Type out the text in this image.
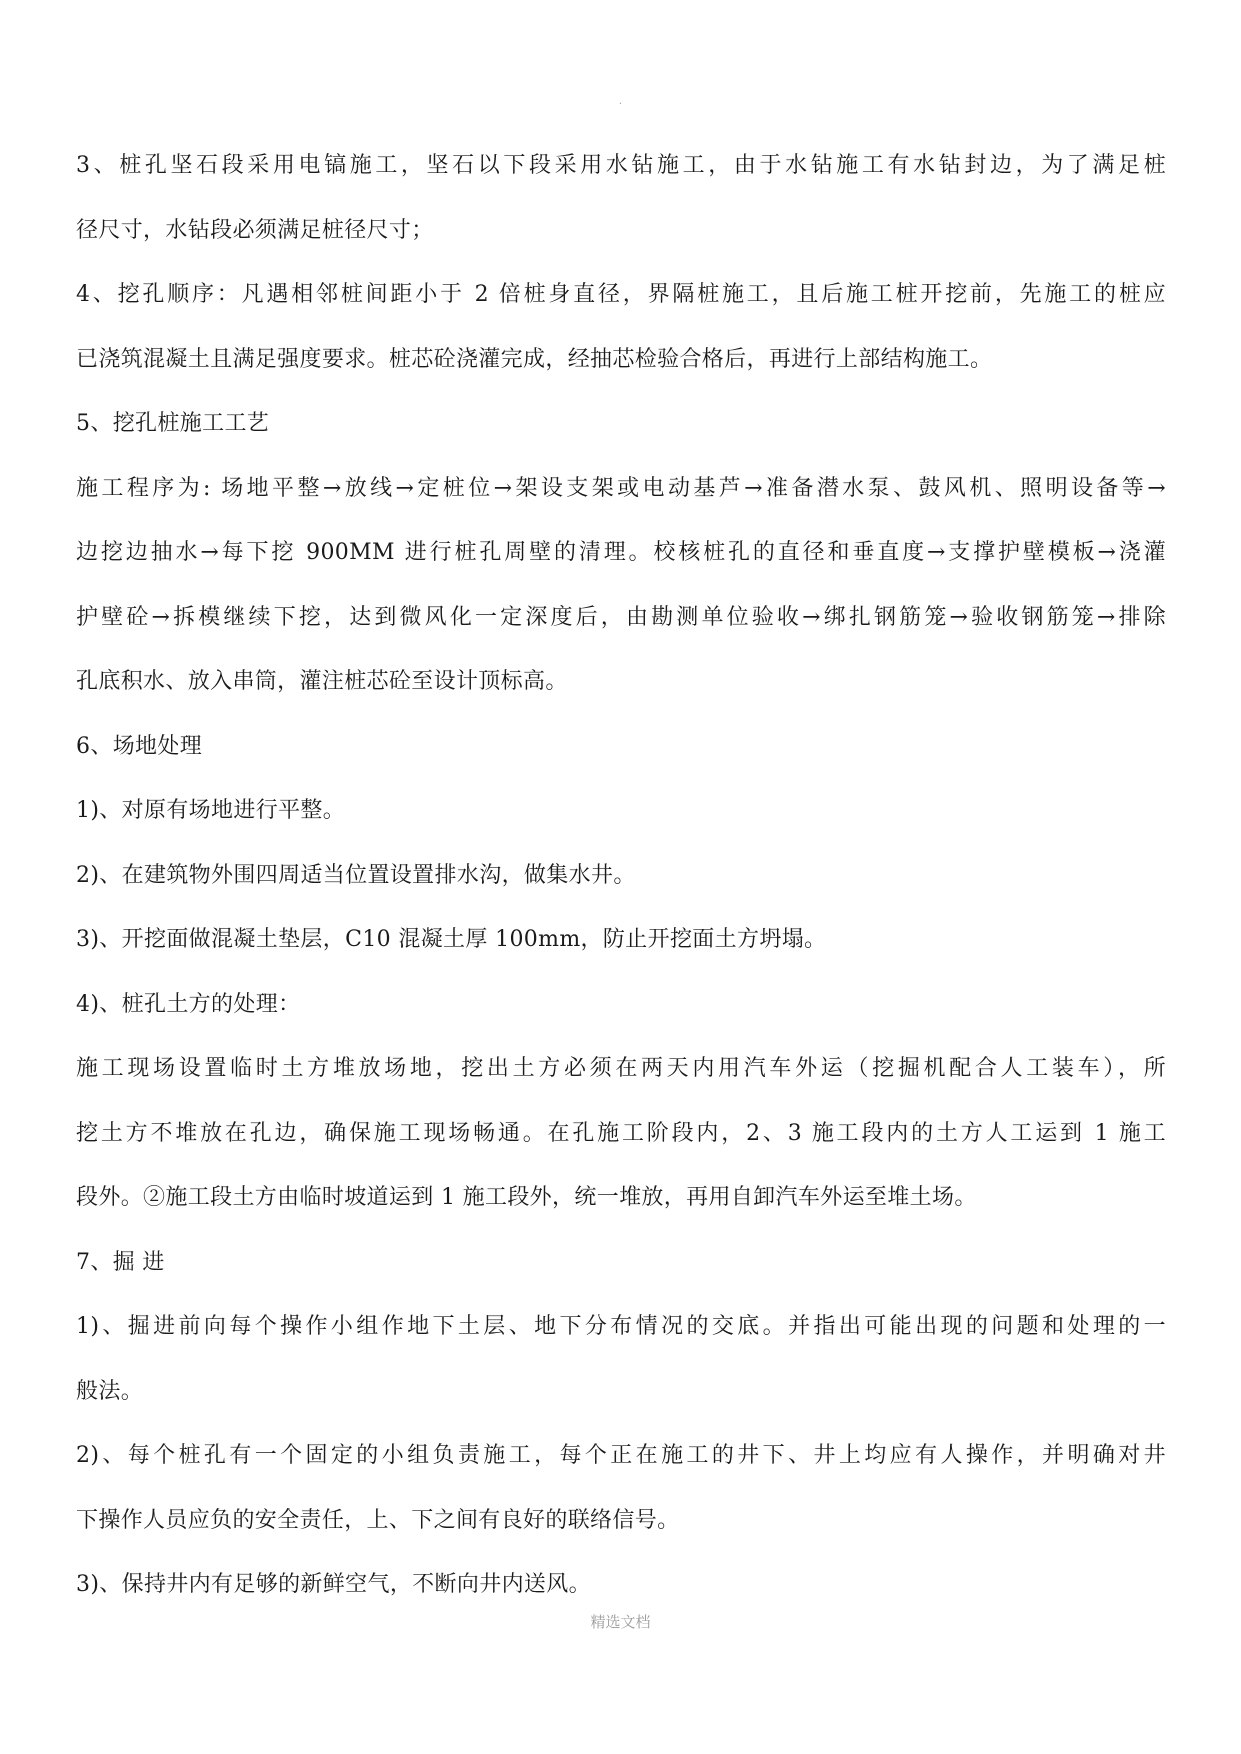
.
3、桩孔坚石段采用电镐施工，坚石以下段采用水钻施工，由于水钻施工有水钻封边，为了满足桩
径尺寸，水钻段必须满足桩径尺寸；
4、挖孔顺序：凡遇相邻桩间距小于 2 倍桩身直径，界隔桩施工，且后施工桩开挖前，先施工的桩应
已浇筑混凝土且满足强度要求。桩芯砼浇灌完成，经抽芯检验合格后，再进行上部结构施工。
5、挖孔桩施工工艺
施工程序为: 场地平整→放线→定桩位→架设支架或电动基芦→准备潜水泵、鼓风机、照明设备等→
边挖边抽水→每下挖 900MM 进行桩孔周壁的清理。校核桩孔的直径和垂直度→支撑护壁模板→浇灌
护壁砼→拆模继续下挖，达到微风化一定深度后，由勘测单位验收→绑扎钢筋笼→验收钢筋笼→排除
孔底积水、放入串筒，灌注桩芯砼至设计顶标高。
6、场地处理
1)、对原有场地进行平整。
2)、在建筑物外围四周适当位置设置排水沟，做集水井。
3)、开挖面做混凝土垫层，C10 混凝土厚 100mm，防止开挖面土方坍塌。
4)、桩孔土方的处理：
施工现场设置临时土方堆放场地，挖出土方必须在两天内用汽车外运（挖掘机配合人工装车），所
挖土方不堆放在孔边，确保施工现场畅通。在孔施工阶段内，2、3 施工段内的土方人工运到 1 施工
段外。②施工段土方由临时坡道运到 1 施工段外，统一堆放，再用自卸汽车外运至堆土场。
7、掘 进
1)、掘进前向每个操作小组作地下土层、地下分布情况的交底。并指出可能出现的问题和处理的一
般法。
2)、每个桩孔有一个固定的小组负责施工，每个正在施工的井下、井上均应有人操作，并明确对井
下操作人员应负的安全责任，上、下之间有良好的联络信号。
3)、保持井内有足够的新鲜空气，不断向井内送风。
精选文档
